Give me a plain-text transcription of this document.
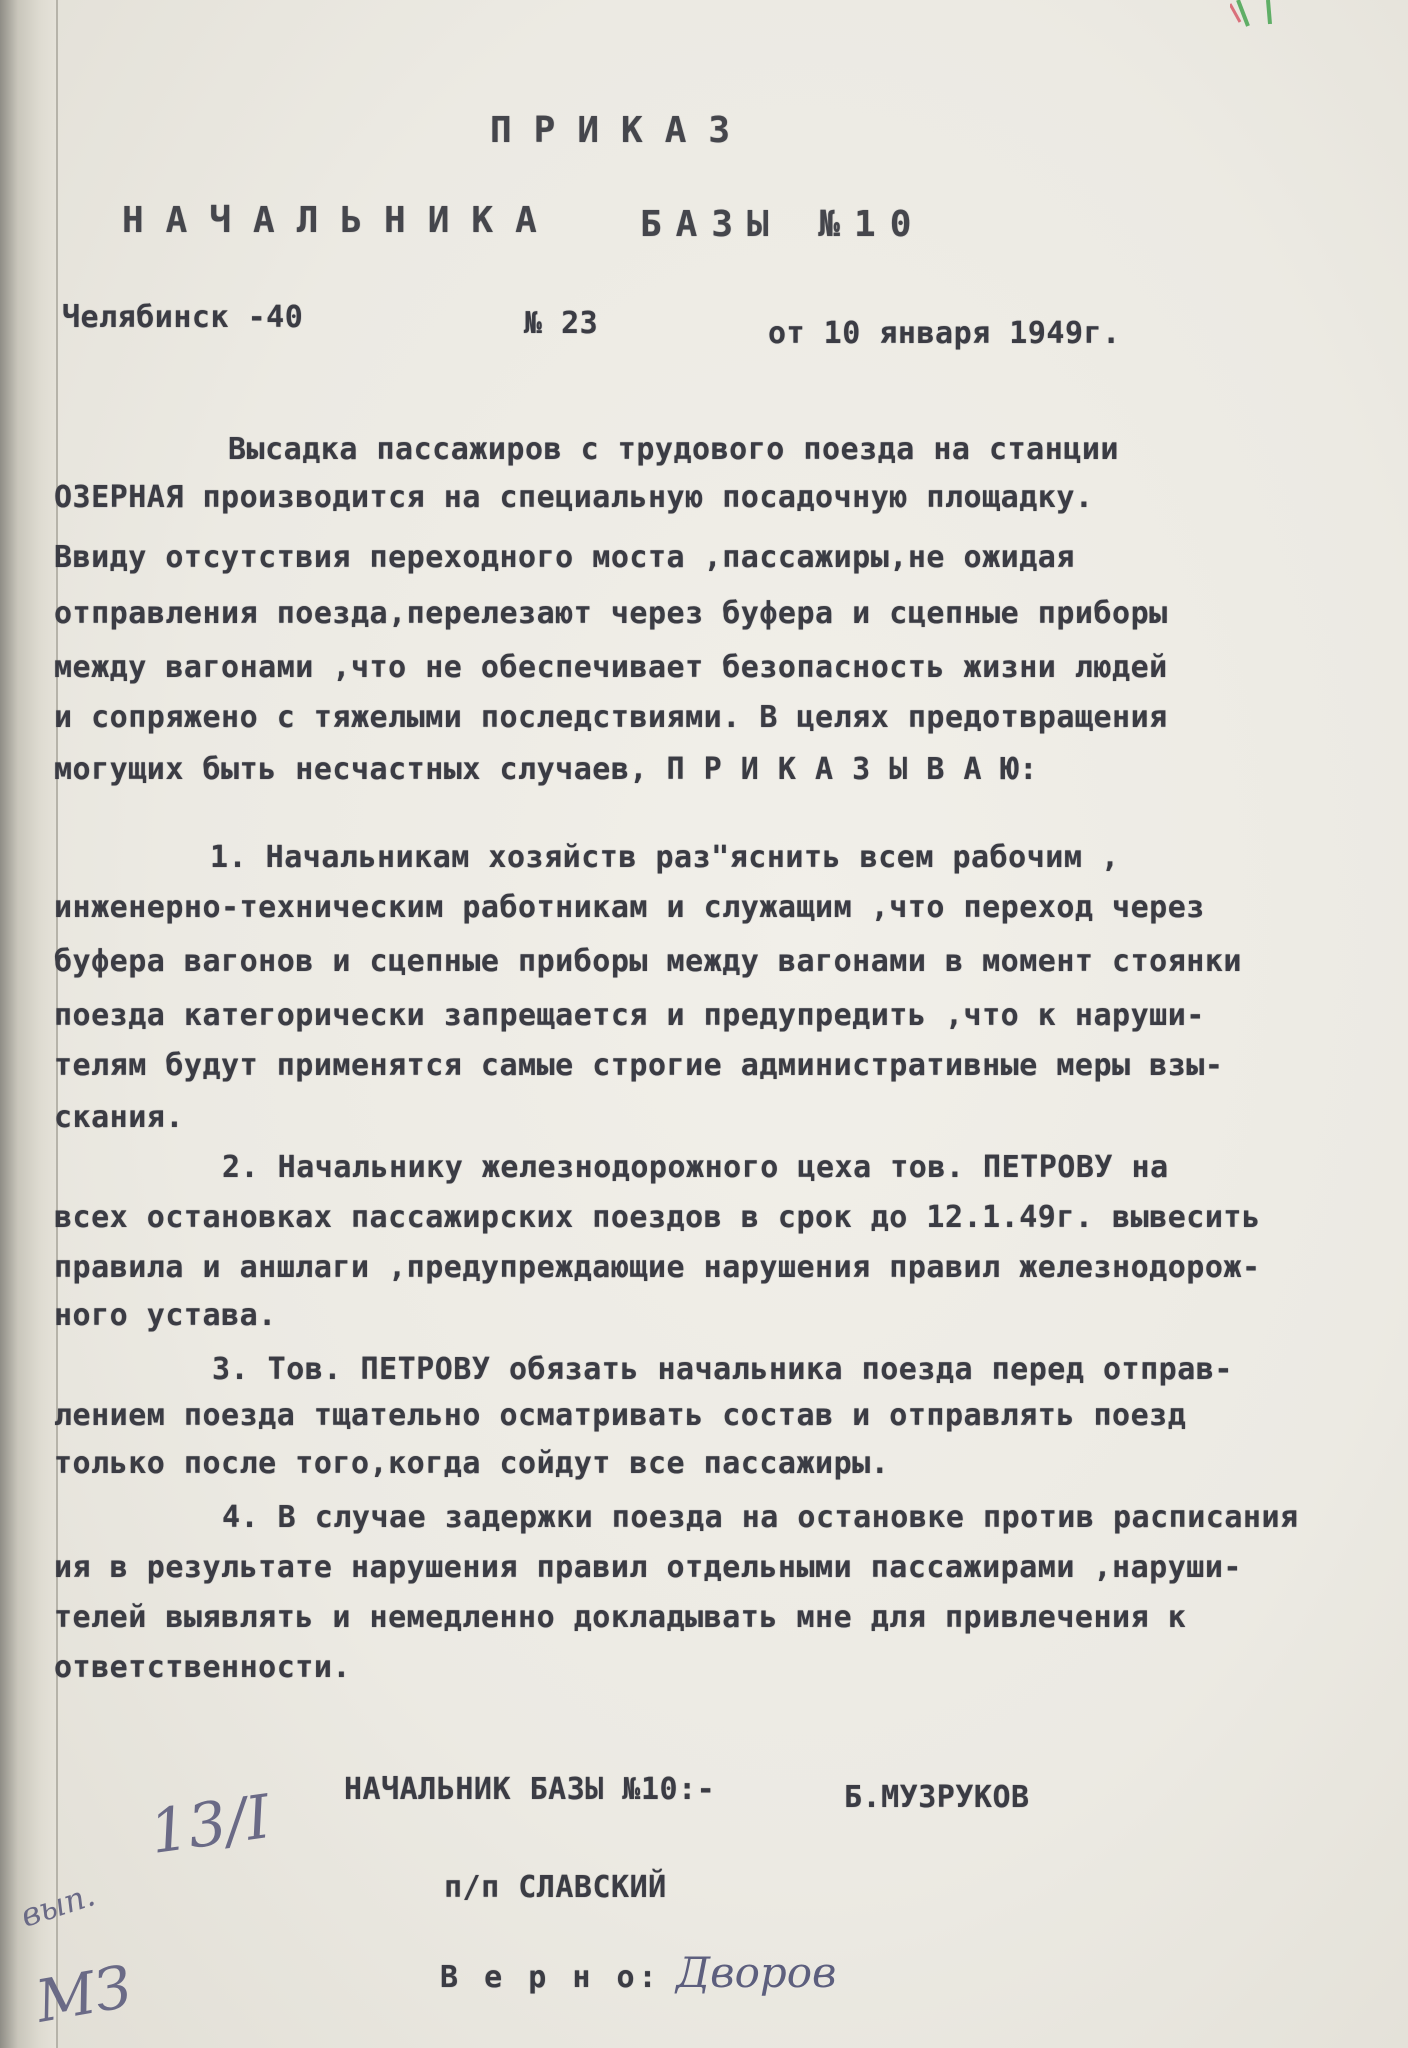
ПРИКАЗ
НАЧАЛЬНИКА БАЗЫ №10
Челябинск -40	№ 23	от 10 января 1949г.
Высадка пассажиров с трудового поезда на станции
ОЗЕРНАЯ производится на специальную посадочную площадку.
Ввиду отсутствия переходного моста ,пассажиры,не ожидая
отправления поезда,перелезают через буфера и сцепные приборы
между вагонами ,что не обеспечивает безопасность жизни людей
и сопряжено с тяжелыми последствиями. В целях предотвращения
могущих быть несчастных случаев, П Р И К А З Ы В А Ю:
1. Начальникам хозяйств раз"яснить всем рабочим ,
инженерно-техническим работникам и служащим ,что переход через
буфера вагонов и сцепные приборы между вагонами в момент стоянки
поезда категорически запрещается и предупредить ,что к наруши-
телям будут применятся самые строгие административные меры взы-
скания.
2. Начальнику железнодорожного цеха тов. ПЕТРОВУ на
всех остановках пассажирских поездов в срок до 12.1.49г. вывесить
правила и аншлаги ,предупреждающие нарушения правил железнодорож-
ного устава.
3. Тов. ПЕТРОВУ обязать начальника поезда перед отправ-
лением поезда тщательно осматривать состав и отправлять поезд
только после того,когда сойдут все пассажиры.
4. В случае задержки поезда на остановке против расписания
ия в результате нарушения правил отдельными пассажирами ,наруши-
телей выявлять и немедленно докладывать мне для привлечения к
ответственности.
НАЧАЛЬНИК БАЗЫ №10:-	Б.МУЗРУКОВ
п/п СЛАВСКИЙ
В е р н о: Дворов
13/I
вып.
МЗ
